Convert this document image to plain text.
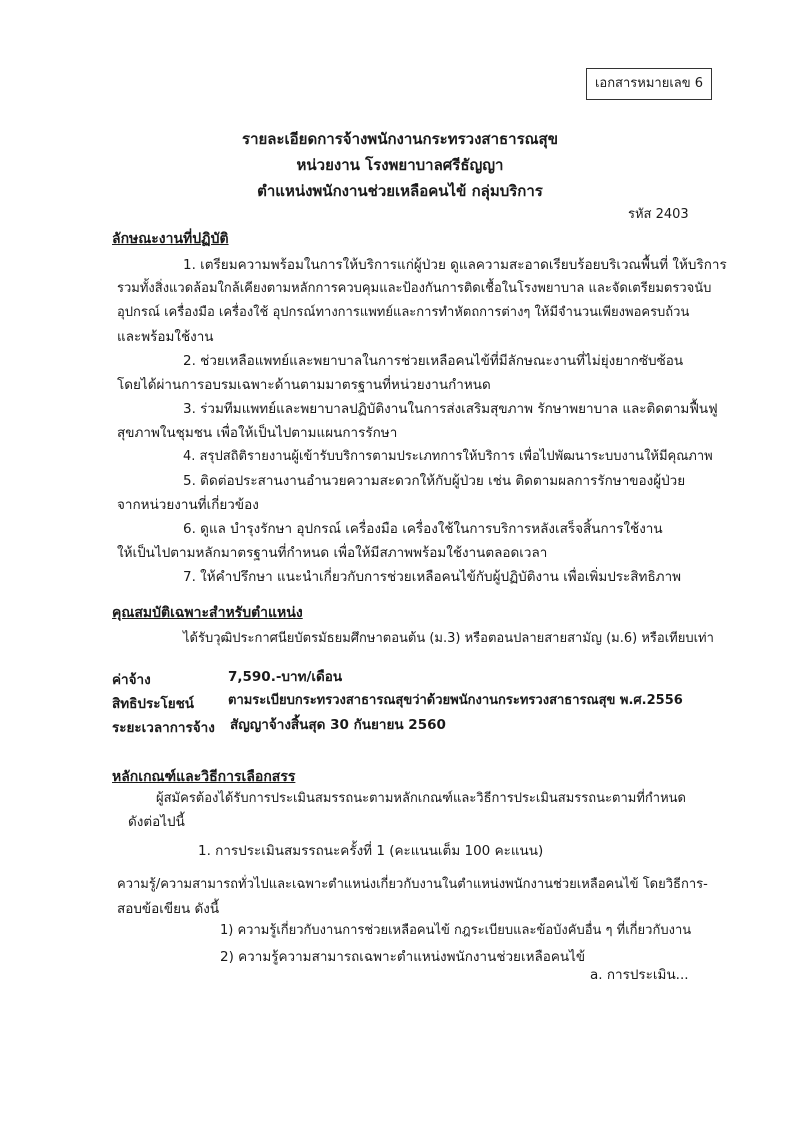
เอกสารหมายเลข 6
รายละเอียดการจ้างพนักงานกระทรวงสาธารณสุข
หน่วยงาน โรงพยาบาลศรีธัญญา
ตำแหน่งพนักงานช่วยเหลือคนไข้ กลุ่มบริการ
รหัส 2403
ลักษณะงานที่ปฏิบัติ
1. เตรียมความพร้อมในการให้บริการแก่ผู้ป่วย ดูแลความสะอาดเรียบร้อยบริเวณพื้นที่ ให้บริการ
รวมทั้งสิ่งแวดล้อมใกล้เคียงตามหลักการควบคุมและป้องกันการติดเชื้อในโรงพยาบาล และจัดเตรียมตรวจนับ
อุปกรณ์ เครื่องมือ เครื่องใช้ อุปกรณ์ทางการแพทย์และการทำหัตถการต่างๆ ให้มีจำนวนเพียงพอครบถ้วน
และพร้อมใช้งาน
2. ช่วยเหลือแพทย์และพยาบาลในการช่วยเหลือคนไข้ที่มีลักษณะงานที่ไม่ยุ่งยากซับซ้อน
โดยได้ผ่านการอบรมเฉพาะด้านตามมาตรฐานที่หน่วยงานกำหนด
3. ร่วมทีมแพทย์และพยาบาลปฏิบัติงานในการส่งเสริมสุขภาพ รักษาพยาบาล และติดตามฟื้นฟู
สุขภาพในชุมชน เพื่อให้เป็นไปตามแผนการรักษา
4. สรุปสถิติรายงานผู้เข้ารับบริการตามประเภทการให้บริการ เพื่อไปพัฒนาระบบงานให้มีคุณภาพ
5. ติดต่อประสานงานอำนวยความสะดวกให้กับผู้ป่วย เช่น ติดตามผลการรักษาของผู้ป่วย
จากหน่วยงานที่เกี่ยวข้อง
6. ดูแล บำรุงรักษา อุปกรณ์ เครื่องมือ เครื่องใช้ในการบริการหลังเสร็จสิ้นการใช้งาน
ให้เป็นไปตามหลักมาตรฐานที่กำหนด เพื่อให้มีสภาพพร้อมใช้งานตลอดเวลา
7. ให้คำปรึกษา แนะนำเกี่ยวกับการช่วยเหลือคนไข้กับผู้ปฏิบัติงาน เพื่อเพิ่มประสิทธิภาพ
คุณสมบัติเฉพาะสำหรับตำแหน่ง
ได้รับวุฒิประกาศนียบัตรมัธยมศึกษาตอนต้น (ม.3) หรือตอนปลายสายสามัญ (ม.6) หรือเทียบเท่า
ค่าจ้าง	7,590.-บาท/เดือน
สิทธิประโยชน์	ตามระเบียบกระทรวงสาธารณสุขว่าด้วยพนักงานกระทรวงสาธารณสุข พ.ศ.2556
ระยะเวลาการจ้าง สัญญาจ้างสิ้นสุด 30 กันยายน 2560
หลักเกณฑ์และวิธีการเลือกสรร
ผู้สมัครต้องได้รับการประเมินสมรรถนะตามหลักเกณฑ์และวิธีการประเมินสมรรถนะตามที่กำหนด
ดังต่อไปนี้
1. การประเมินสมรรถนะครั้งที่ 1 (คะแนนเต็ม 100 คะแนน)
ความรู้/ความสามารถทั่วไปและเฉพาะตำแหน่งเกี่ยวกับงานในตำแหน่งพนักงานช่วยเหลือคนไข้ โดยวิธีการ-
สอบข้อเขียน ดังนี้
1) ความรู้เกี่ยวกับงานการช่วยเหลือคนไข้ กฎระเบียบและข้อบังคับอื่น ๆ ที่เกี่ยวกับงาน
2) ความรู้ความสามารถเฉพาะตำแหน่งพนักงานช่วยเหลือคนไข้
a. การประเมิน...
